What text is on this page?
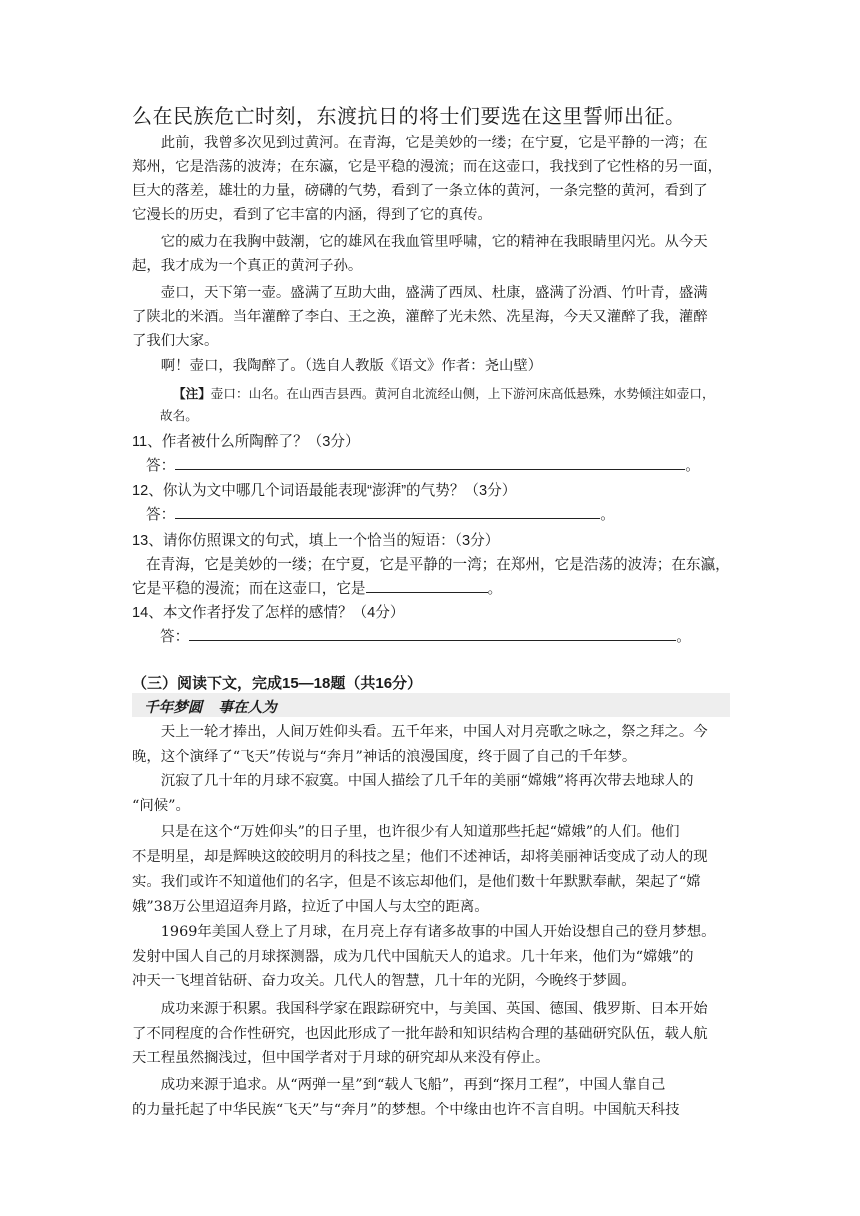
么在民族危亡时刻，东渡抗日的将士们要选在这里誓师出征。
　　此前，我曾多次见到过黄河。在青海，它是美妙的一缕；在宁夏，它是平静的一湾；在
郑州，它是浩荡的波涛；在东瀛，它是平稳的漫流；而在这壶口，我找到了它性格的另一面，
巨大的落差，雄壮的力量，磅礴的气势，看到了一条立体的黄河，一条完整的黄河，看到了
它漫长的历史，看到了它丰富的内涵，得到了它的真传。
　　它的威力在我胸中鼓潮，它的雄风在我血管里呼啸，它的精神在我眼睛里闪光。从今天
起，我才成为一个真正的黄河子孙。
　　壶口，天下第一壶。盛满了互助大曲，盛满了西凤、杜康，盛满了汾酒、竹叶青，盛满
了陕北的米酒。当年灌醉了李白、王之涣，灌醉了光未然、冼星海，今天又灌醉了我，灌醉
了我们大家。
　　啊！壶口，我陶醉了。（选自人教版《语文》作者：尧山壁）
【注】壶口：山名。在山西吉县西。黄河自北流经山侧，上下游河床高低悬殊，水势倾注如壶口，
故名。
11、作者被什么所陶醉了？（3分）
答：	。
12、你认为文中哪几个词语最能表现“澎湃”的气势？（3分）
答：	。
13、请你仿照课文的句式，填上一个恰当的短语：（3分）
在青海，它是美妙的一缕；在宁夏，它是平静的一湾；在郑州，它是浩荡的波涛；在东瀛，
它是平稳的漫流；而在这壶口，它是	。
14、本文作者抒发了怎样的感情？（4分）
答：	。
（三）阅读下文，完成15—18题（共16分）
千年梦圆 事在人为
　　天上一轮才捧出，人间万姓仰头看。五千年来，中国人对月亮歌之咏之，祭之拜之。今
晚，这个演绎了“飞天”传说与“奔月”神话的浪漫国度，终于圆了自己的千年梦。
　　沉寂了几十年的月球不寂寞。中国人描绘了几千年的美丽“嫦娥”将再次带去地球人的
“问候”。
　　只是在这个“万姓仰头”的日子里，也许很少有人知道那些托起“嫦娥”的人们。他们
不是明星，却是辉映这皎皎明月的科技之星；他们不述神话，却将美丽神话变成了动人的现
实。我们或许不知道他们的名字，但是不该忘却他们，是他们数十年默默奉献，架起了“嫦
娥”38万公里迢迢奔月路，拉近了中国人与太空的距离。
　　1969年美国人登上了月球，在月亮上存有诸多故事的中国人开始设想自己的登月梦想。
发射中国人自己的月球探测器，成为几代中国航天人的追求。几十年来，他们为“嫦娥”的
冲天一飞埋首钻研、奋力攻关。几代人的智慧，几十年的光阴，今晚终于梦圆。
　　成功来源于积累。我国科学家在跟踪研究中，与美国、英国、德国、俄罗斯、日本开始
了不同程度的合作性研究，也因此形成了一批年龄和知识结构合理的基础研究队伍，载人航
天工程虽然搁浅过，但中国学者对于月球的研究却从来没有停止。
　　成功来源于追求。从“两弹一星”到“载人飞船”，再到“探月工程”，中国人靠自己
的力量托起了中华民族“飞天”与“奔月”的梦想。个中缘由也许不言自明。中国航天科技
